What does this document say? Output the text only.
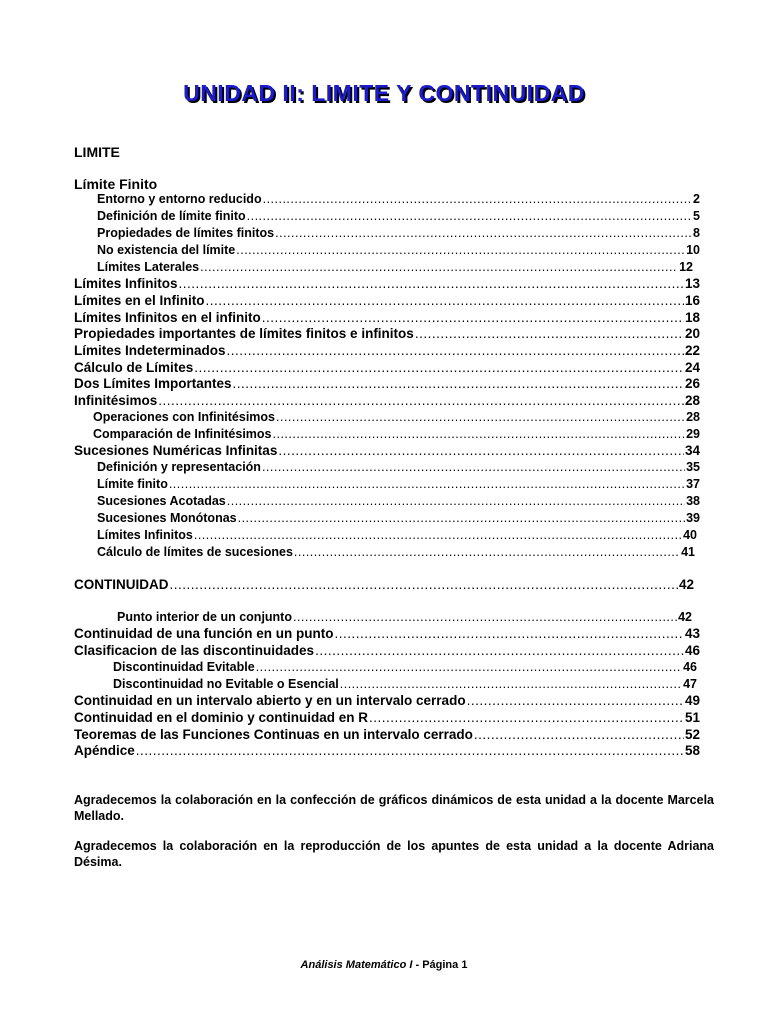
UNIDAD II: LIMITE Y CONTINUIDAD
LIMITE
Límite Finito
Entorno y entorno reducido .....	2
Definición de límite finito .....	5
Propiedades de límites finitos .....	8
No existencia del límite .....	10
Límites Laterales .....	12
Límites Infinitos .....	13
Límites en el Infinito .....	16
Límites Infinitos en el infinito .....	18
Propiedades importantes de límites finitos e infinitos .....	20
Límites Indeterminados .....	22
Cálculo de Límites .....	24
Dos Límites Importantes .....	26
Infinitésimos .....	28
Operaciones con Infinitésimos .....	28
Comparación de Infinitésimos .....	29
Sucesiones Numéricas Infinitas .....	34
Definición y representación .....	35
Límite finito .....	37
Sucesiones Acotadas .....	38
Sucesiones Monótonas .....	39
Límites Infinitos .....	40
Cálculo de límites de sucesiones .....	41
CONTINUIDAD .....	42
Punto interior de un conjunto .....	42
Continuidad de una función en un punto .....	43
Clasificacion de las discontinuidades .....	46
Discontinuidad Evitable .....	46
Discontinuidad no Evitable o Esencial .....	47
Continuidad en un intervalo abierto y en un intervalo cerrado .....	49
Continuidad en el dominio y continuidad en R .....	51
Teoremas de las Funciones Continuas en un intervalo cerrado .....	52
Apéndice .....	58
Agradecemos la colaboración en la confección de gráficos dinámicos de esta unidad a la docente Marcela Mellado.
Agradecemos la colaboración en la reproducción de los apuntes de esta unidad a la docente Adriana Désima.
Análisis Matemático I - Página 1
